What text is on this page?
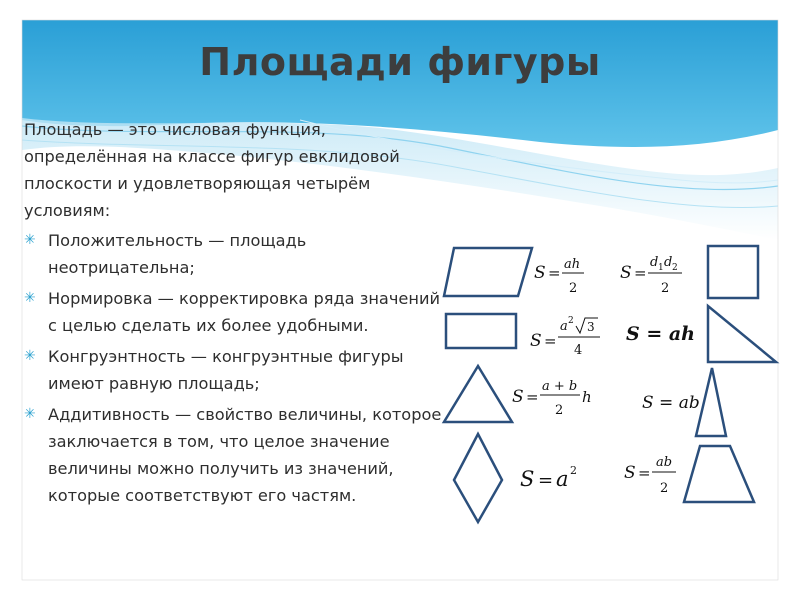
Площади фигуры

Площадь — это числовая функция, определённая на классе фигур евклидовой плоскости и удовлетворяющая четырём условиям:

✳ Положительность — площадь неотрицательна;
✳ Нормировка — корректировка ряда значений с целью сделать их более удобными.
✳ Конгруэнтность — конгруэнтные фигуры имеют равную площадь;
✳ Аддитивность — свойство величины, которое заключается в том, что целое значение величины можно получить из значений, которые соответствуют его частям.
S = ah
2
S =
d 1 d 2
2
S =
a 2 3
4
S = ah
S =
a + b
2
h	S = ab
S = a 2	S =
ab
2
